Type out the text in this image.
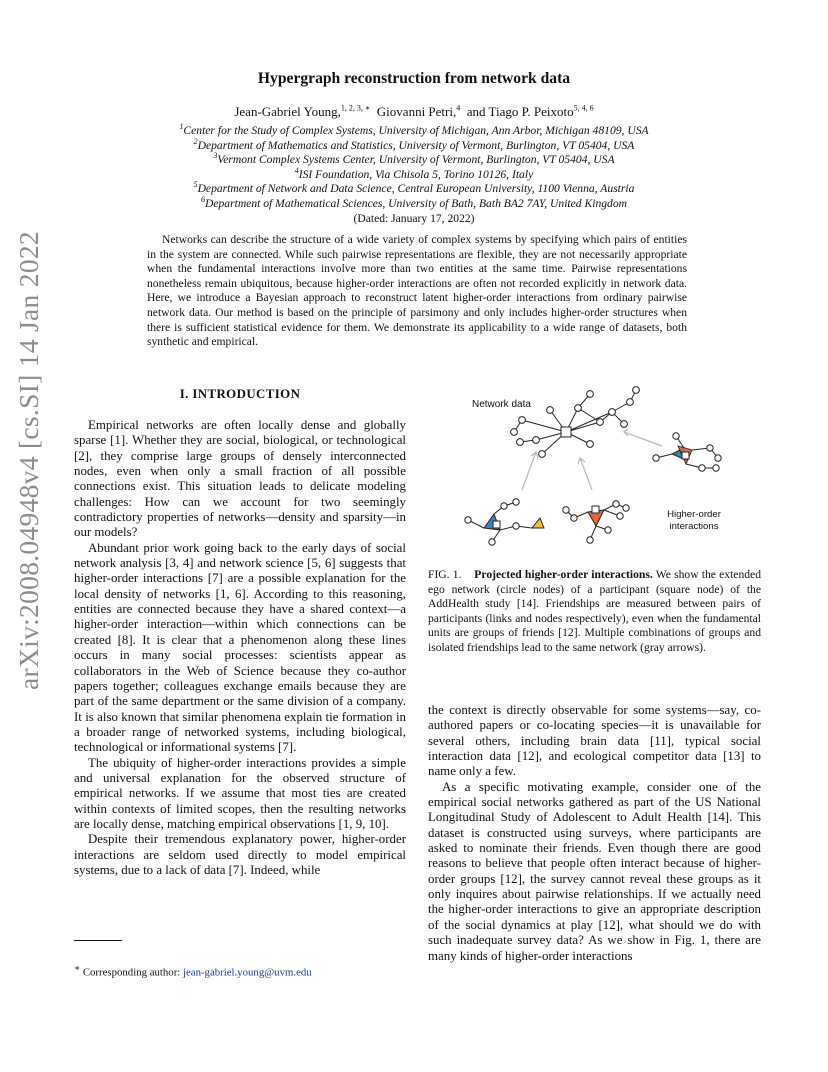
arXiv:2008.04948v4 [cs.SI] 14 Jan 2022
Hypergraph reconstruction from network data
Jean-Gabriel Young,$^{1, 2, 3, ∗}$ Giovanni Petri,$^4$ and Tiago P. Peixoto$^{5, 4, 6}$
$^1$Center for the Study of Complex Systems, University of Michigan, Ann Arbor, Michigan 48109, USA
$^2$Department of Mathematics and Statistics, University of Vermont, Burlington, VT 05404, USA
$^3$Vermont Complex Systems Center, University of Vermont, Burlington, VT 05404, USA
$^4$ISI Foundation, Via Chisola 5, Torino 10126, Italy
$^5$Department of Network and Data Science, Central European University, 1100 Vienna, Austria
$^6$Department of Mathematical Sciences, University of Bath, Bath BA2 7AY, United Kingdom
(Dated: January 17, 2022)
Networks can describe the structure of a wide variety of complex systems by specifying which pairs of entities in the system are connected. While such pairwise representations are flexible, they are not necessarily appropriate when the fundamental interactions involve more than two entities at the same time. Pairwise representations nonetheless remain ubiquitous, because higher-order interactions are often not recorded explicitly in network data. Here, we introduce a Bayesian approach to reconstruct latent higher-order interactions from ordinary pairwise network data. Our method is based on the principle of parsimony and only includes higher-order structures when there is sufficient statistical evidence for them. We demonstrate its applicability to a wide range of datasets, both synthetic and empirical.
I. INTRODUCTION

Empirical networks are often locally dense and globally sparse [1]. Whether they are social, biological, or technological [2], they comprise large groups of densely interconnected nodes, even when only a small fraction of all possible connections exist. This situation leads to delicate modeling challenges: How can we account for two seemingly contradictory properties of networks—density and sparsity—in our models?

Abundant prior work going back to the early days of social network analysis [3, 4] and network science [5, 6] suggests that higher-order interactions [7] are a possible explanation for the local density of networks [1, 6]. According to this reasoning, entities are connected because they have a shared context—a higher-order interaction—within which connections can be created [8]. It is clear that a phenomenon along these lines occurs in many social processes: scientists appear as collaborators in the Web of Science because they co-author papers together; colleagues exchange emails because they are part of the same department or the same division of a company. It is also known that similar phenomena explain tie formation in a broader range of networked systems, including biological, technological or informational systems [7].

The ubiquity of higher-order interactions provides a simple and universal explanation for the observed structure of empirical networks. If we assume that most ties are created within contexts of limited scopes, then the resulting networks are locally dense, matching empirical observations [1, 9, 10].

Despite their tremendous explanatory power, higher-order interactions are seldom used directly to model empirical systems, due to a lack of data [7]. Indeed, while

Network data
Higher-order
interactions
FIG. 1. Projected higher-order interactions. We show the extended ego network (circle nodes) of a participant (square node) of the AddHealth study [14]. Friendships are measured between pairs of participants (links and nodes respectively), even when the fundamental units are groups of friends [12]. Multiple combinations of groups and isolated friendships lead to the same network (gray arrows).

the context is directly observable for some systems—say, co-authored papers or co-locating species—it is unavailable for several others, including brain data [11], typical social interaction data [12], and ecological competitor data [13] to name only a few.

As a specific motivating example, consider one of the empirical social networks gathered as part of the US National Longitudinal Study of Adolescent to Adult Health [14]. This dataset is constructed using surveys, where participants are asked to nominate their friends. Even though there are good reasons to believe that people often interact because of higher-order groups [12], the survey cannot reveal these groups as it only inquires about pairwise relationships. If we actually need the higher-order interactions to give an appropriate description of the social dynamics at play [12], what should we do with such inadequate survey data? As we show in Fig. 1, there are many kinds of higher-order interactions

∗ Corresponding author: jean-gabriel.young@uvm.edu
